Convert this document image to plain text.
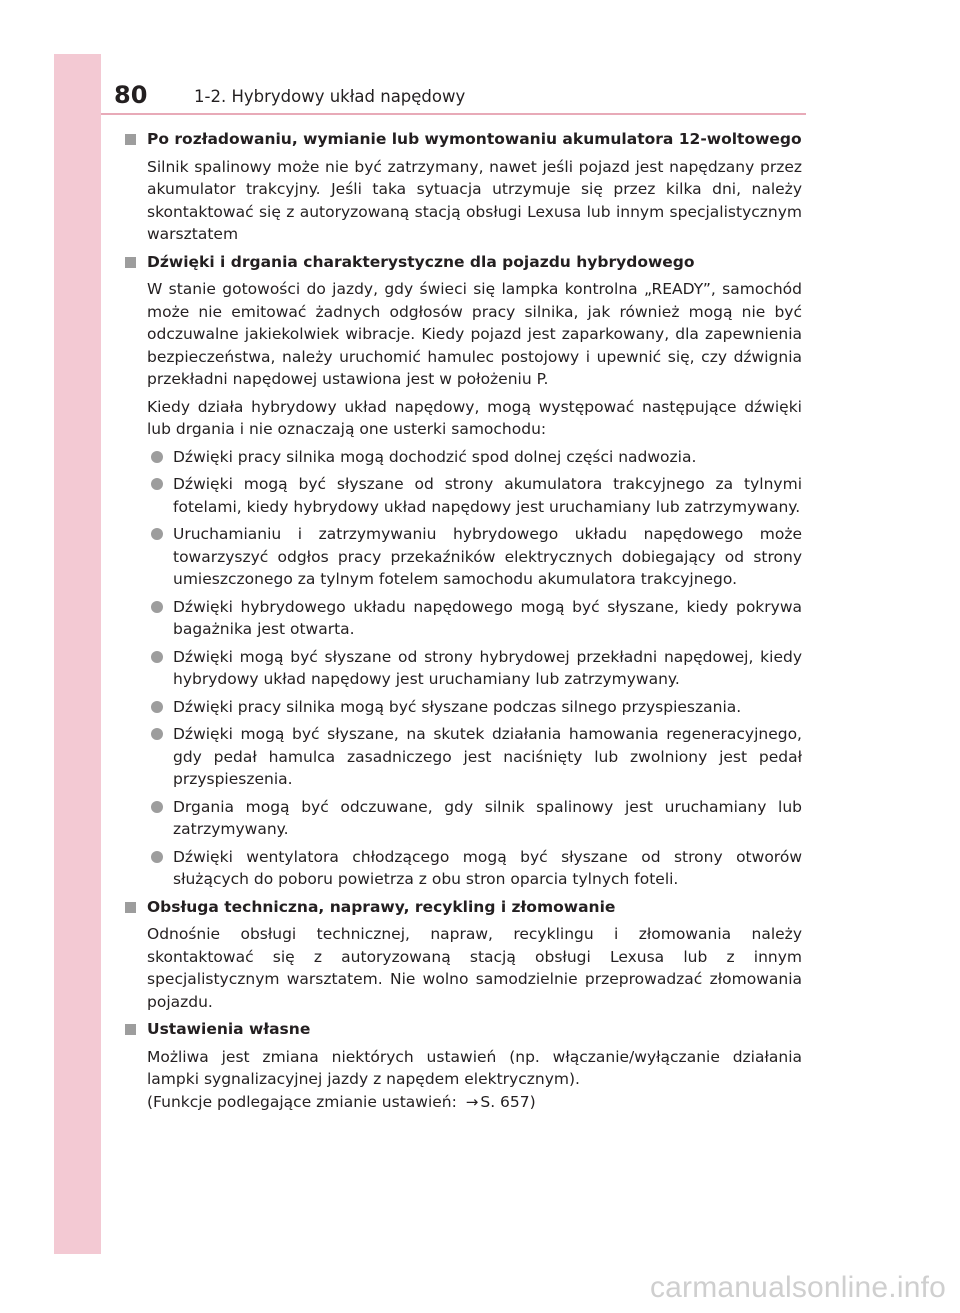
80	1-2. Hybrydowy układ napędowy
Po rozładowaniu, wymianie lub wymontowaniu akumulatora 12-woltowego

Silnik spalinowy może nie być zatrzymany, nawet jeśli pojazd jest napędzany przez akumulator trakcyjny. Jeśli taka sytuacja utrzymuje się przez kilka dni, należy skontaktować się z autoryzowaną stacją obsługi Lexusa lub innym specjalistycznym warsztatem

Dźwięki i drgania charakterystyczne dla pojazdu hybrydowego

W stanie gotowości do jazdy, gdy świeci się lampka kontrolna „READY”, samochód może nie emitować żadnych odgłosów pracy silnika, jak również mogą nie być odczuwalne jakiekolwiek wibracje. Kiedy pojazd jest zaparkowany, dla zapewnienia bezpieczeństwa, należy uruchomić hamulec postojowy i upewnić się, czy dźwignia przekładni napędowej ustawiona jest w położeniu P.

Kiedy działa hybrydowy układ napędowy, mogą występować następujące dźwięki lub drgania i nie oznaczają one usterki samochodu:

Dźwięki pracy silnika mogą dochodzić spod dolnej części nadwozia.
Dźwięki mogą być słyszane od strony akumulatora trakcyjnego za tylnymi fotelami, kiedy hybrydowy układ napędowy jest uruchamiany lub zatrzymywany.
Uruchamianiu i zatrzymywaniu hybrydowego układu napędowego może towarzyszyć odgłos pracy przekaźników elektrycznych dobiegający od strony umieszczonego za tylnym fotelem samochodu akumulatora trakcyjnego.
Dźwięki hybrydowego układu napędowego mogą być słyszane, kiedy pokrywa bagażnika jest otwarta.
Dźwięki mogą być słyszane od strony hybrydowej przekładni napędowej, kiedy hybrydowy układ napędowy jest uruchamiany lub zatrzymywany.
Dźwięki pracy silnika mogą być słyszane podczas silnego przyspieszania.
Dźwięki mogą być słyszane, na skutek działania hamowania regeneracyjnego, gdy pedał hamulca zasadniczego jest naciśnięty lub zwolniony jest pedał przyspieszenia.
Drgania mogą być odczuwane, gdy silnik spalinowy jest uruchamiany lub zatrzymywany.
Dźwięki wentylatora chłodzącego mogą być słyszane od strony otworów służących do poboru powietrza z obu stron oparcia tylnych foteli.
Obsługa techniczna, naprawy, recykling i złomowanie

Odnośnie obsługi technicznej, napraw, recyklingu i złomowania należy skontaktować się z autoryzowaną stacją obsługi Lexusa lub z innym specjalistycznym warsztatem. Nie wolno samodzielnie przeprowadzać złomowania pojazdu.

Ustawienia własne

Możliwa jest zmiana niektórych ustawień (np. włączanie/wyłączanie działania lampki sygnalizacyjnej jazdy z napędem elektrycznym).

(Funkcje podlegające zmianie ustawień: → S. 657)

carmanualsonline.info
